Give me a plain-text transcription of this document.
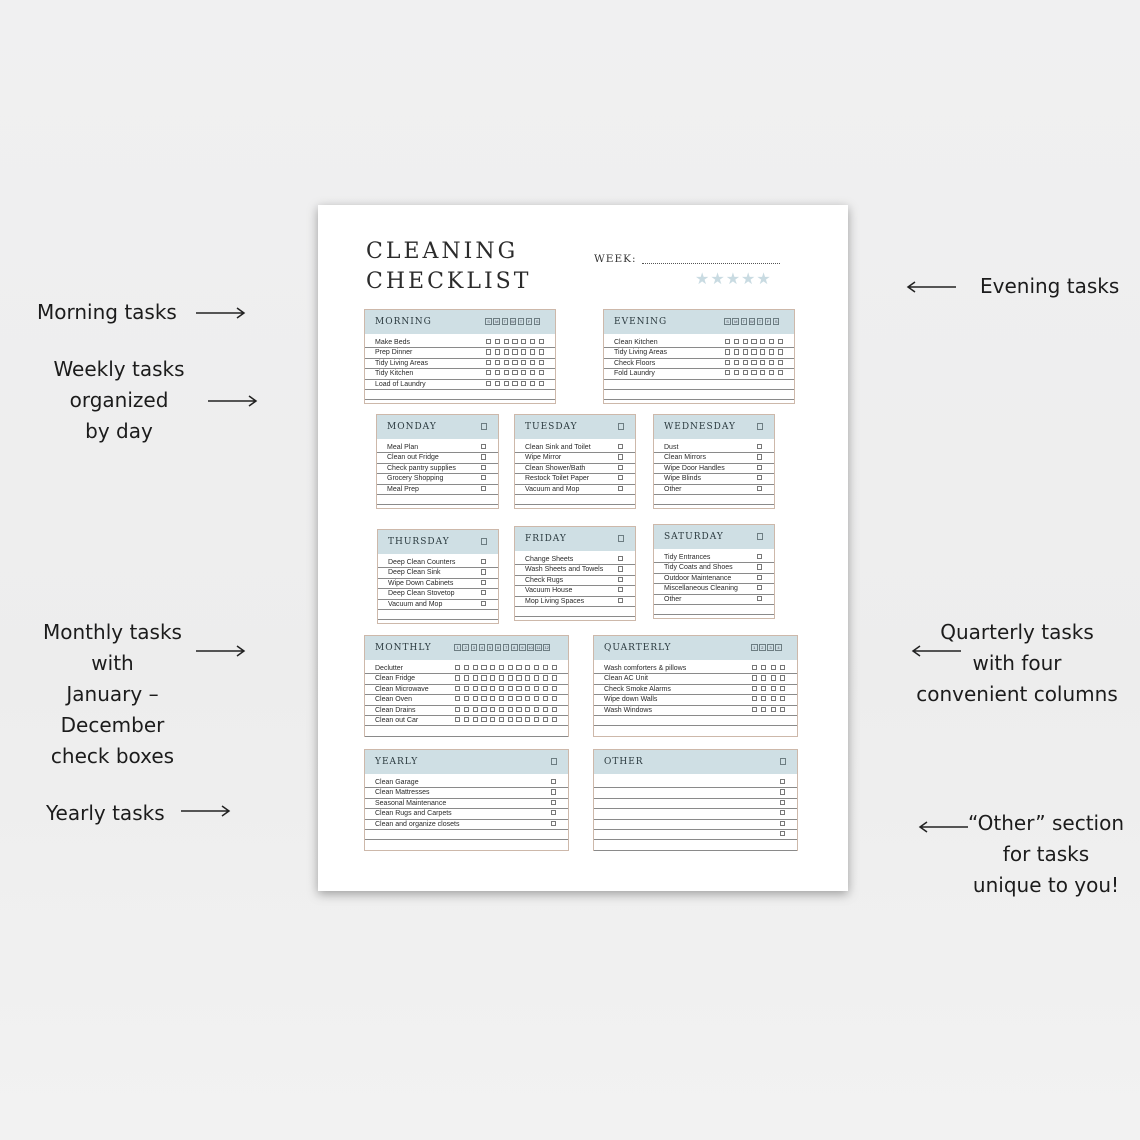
Morning tasks
Weekly tasks
organized
by day
Monthly tasks
with
January –
December
check boxes
Yearly tasks
Evening tasks
Quarterly tasks
with four
convenient columns
“Other” section
for tasks
unique to you!
CLEANING
CHECKLIST
WEEK:
★★★★★
MORNING	S	M	T	W	T	F	S
Make Beds
Prep Dinner
Tidy Living Areas
Tidy Kitchen
Load of Laundry
EVENING	S	M	T	W	T	F	S
Clean Kitchen
Tidy Living Areas
Check Floors
Fold Laundry
MONDAY
Meal Plan
Clean out Fridge
Check pantry supplies
Grocery Shopping
Meal Prep
TUESDAY
Clean Sink and Toilet
Wipe Mirror
Clean Shower/Bath
Restock Toilet Paper
Vacuum and Mop
WEDNESDAY
Dust
Clean Mirrors
Wipe Door Handles
Wipe Blinds
Other
THURSDAY
Deep Clean Counters
Deep Clean Sink
Wipe Down Cabinets
Deep Clean Stovetop
Vacuum and Mop
FRIDAY
Change Sheets
Wash Sheets and Towels
Check Rugs
Vacuum House
Mop Living Spaces
SATURDAY
Tidy Entrances
Tidy Coats and Shoes
Outdoor Maintenance
Miscellaneous Cleaning
Other
MONTHLY	1	2	3	4	5	6	7	8	9	10 11 12
Declutter
Clean Fridge
Clean Microwave
Clean Oven
Clean Drains
Clean out Car
QUARTERLY	1	2	3	4
Wash comforters & pillows
Clean AC Unit
Check Smoke Alarms
Wipe down Walls
Wash Windows
YEARLY
Clean Garage
Clean Mattresses
Seasonal Maintenance
Clean Rugs and Carpets
Clean and organize closets
OTHER
